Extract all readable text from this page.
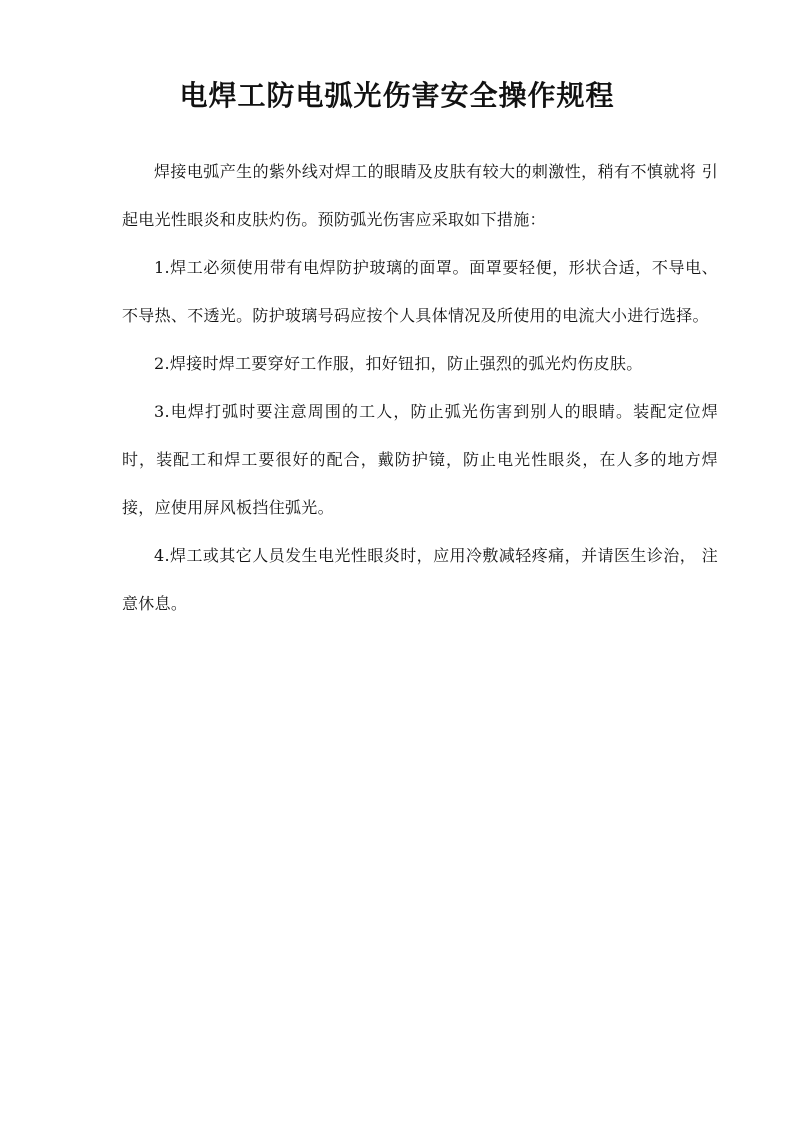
电焊工防电弧光伤害安全操作规程

焊接电弧产生的紫外线对焊工的眼睛及皮肤有较大的刺激性，稍有不慎就将 引起电光性眼炎和皮肤灼伤。预防弧光伤害应采取如下措施：

1.焊工必须使用带有电焊防护玻璃的面罩。面罩要轻便，形状合适，不导电、不导热、不透光。防护玻璃号码应按个人具体情况及所使用的电流大小进行选择。

2.焊接时焊工要穿好工作服，扣好钮扣，防止强烈的弧光灼伤皮肤。

3.电焊打弧时要注意周围的工人，防止弧光伤害到别人的眼睛。装配定位焊时，装配工和焊工要很好的配合，戴防护镜，防止电光性眼炎，在人多的地方焊 接，应使用屏风板挡住弧光。

4.焊工或其它人员发生电光性眼炎时，应用冷敷减轻疼痛，并请医生诊治， 注意休息。
